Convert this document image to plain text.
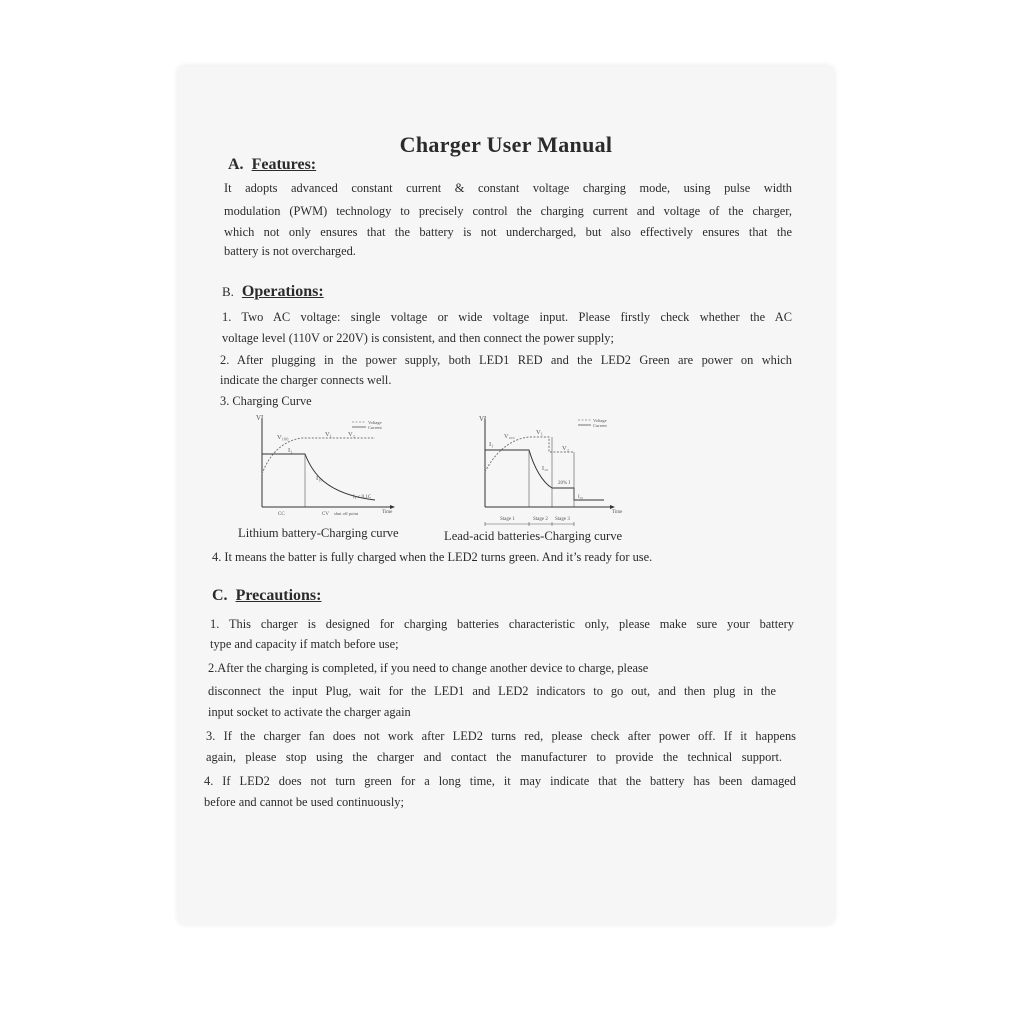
Charger User Manual
A. Features:
It adopts advanced constant current & constant voltage charging mode, using pulse width
modulation (PWM) technology to precisely control the charging current and voltage of the charger,
which not only ensures that the battery is not undercharged, but also effectively ensures that the
battery is not overcharged.
B. Operations:
1. Two AC voltage: single voltage or wide voltage input. Please firstly check whether the AC
voltage level (110V or 220V) is consistent, and then connect the power supply;
2. After plugging in the power supply, both LED1 RED and the LED2 Green are power on which
indicate the charger connects well.
3. Charging Curve
VI
Voltage
Current
V₁₀₀	V₁ V₂
I₁
I₁₀
I₀ ≤ 0.1C
Time
CC	CV shut off point
Lithium battery-Charging curve
VI	Voltage
Current
I₁
V₁₀₀
V₁
V₂
I₁₀
20% I
I₁₀
Time
Stage 1	Stage 2 Stage 3
Lead-acid batteries-Charging curve
4. It means the batter is fully charged when the LED2 turns green. And it’s ready for use.
C. Precautions:
1. This charger is designed for charging batteries characteristic only, please make sure your battery
type and capacity if match before use;
2.After the charging is completed, if you need to change another device to charge, please
disconnect the input Plug, wait for the LED1 and LED2 indicators to go out, and then plug in the
input socket to activate the charger again
3. If the charger fan does not work after LED2 turns red, please check after power off. If it happens
again, please stop using the charger and contact the manufacturer to provide the technical support.
4. If LED2 does not turn green for a long time, it may indicate that the battery has been damaged
before and cannot be used continuously;
